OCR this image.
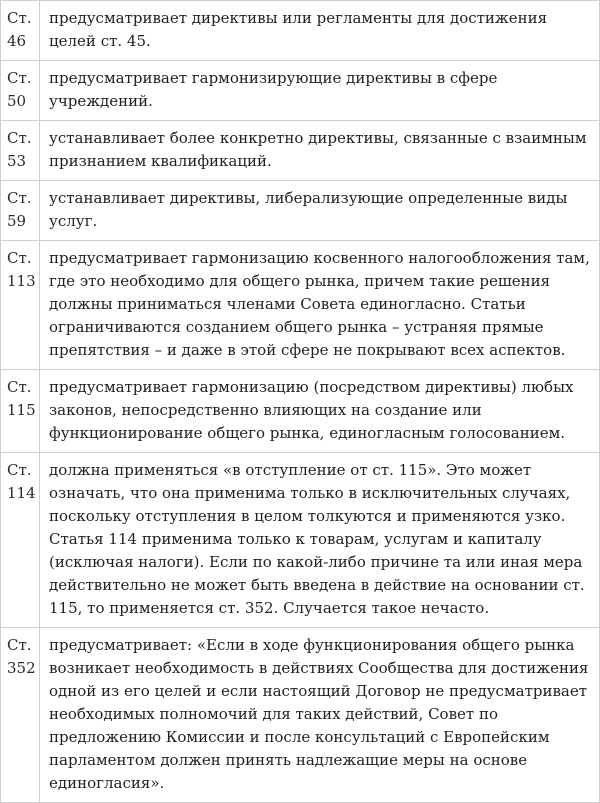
Ст.
46	предусматривает директивы или регламенты для достижения целей ст. 45.

Ст.
50	предусматривает гармонизирующие директивы в сфере учреждений.

Ст.
53	устанавливает более конкретно директивы, связанные с взаимным признанием квалификаций.

Ст.
59	устанавливает директивы, либерализующие определенные виды услуг.

Ст.
113	предусматривает гармонизацию косвенного налогообложения там, где это необходимо для общего рынка, причем такие решения должны приниматься членами Совета единогласно. Статьи ограничиваются созданием общего рынка – устраняя прямые препятствия – и даже в этой сфере не покрывают всех аспектов.

Ст.
115	предусматривает гармонизацию (посредством директивы) любых законов, непосредственно влияющих на создание или функционирование общего рынка, единогласным голосованием.

Ст.
114	должна применяться «в отступление от ст. 115». Это может означать, что она применима только в исключительных случаях, поскольку отступления в целом толкуются и применяются узко. Статья 114 применима только к товарам, услугам и капиталу (исключая налоги). Если по какой-либо причине та или иная мера действительно не может быть введена в действие на основании ст. 115, то применяется ст. 352. Случается такое нечасто.

Ст.
352	предусматривает: «Если в ходе функционирования общего рынка возникает необходимость в действиях Сообщества для достижения одной из его целей и если настоящий Договор не предусматривает необходимых полномочий для таких действий, Совет по предложению Комиссии и после консультаций с Европейским парламентом должен принять надлежащие меры на основе единогласия».
